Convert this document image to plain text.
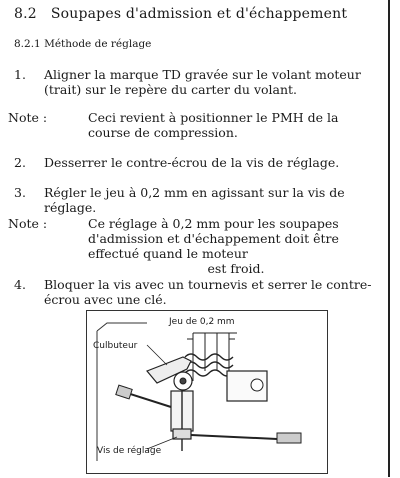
8.2 Soupapes d'admission et d'échappement
8.2.1 Méthode de réglage
1. Aligner la marque TD gravée sur le volant moteur (trait) sur le repère du carter du volant.
Note :	Ceci revient à positionner le PMH de la course de compression.
2. Desserrer le contre-écrou de la vis de réglage.
3. Régler le jeu à 0,2 mm en agissant sur la vis de réglage.
Note :	Ce réglage à 0,2 mm pour les soupapes d'admission et d'échappement doit être effectué quand le moteur
est froid.
4. Bloquer la vis avec un tournevis et serrer le contre-écrou avec une clé.
Jeu de 0,2 mm
Culbuteur
Vis de réglage
